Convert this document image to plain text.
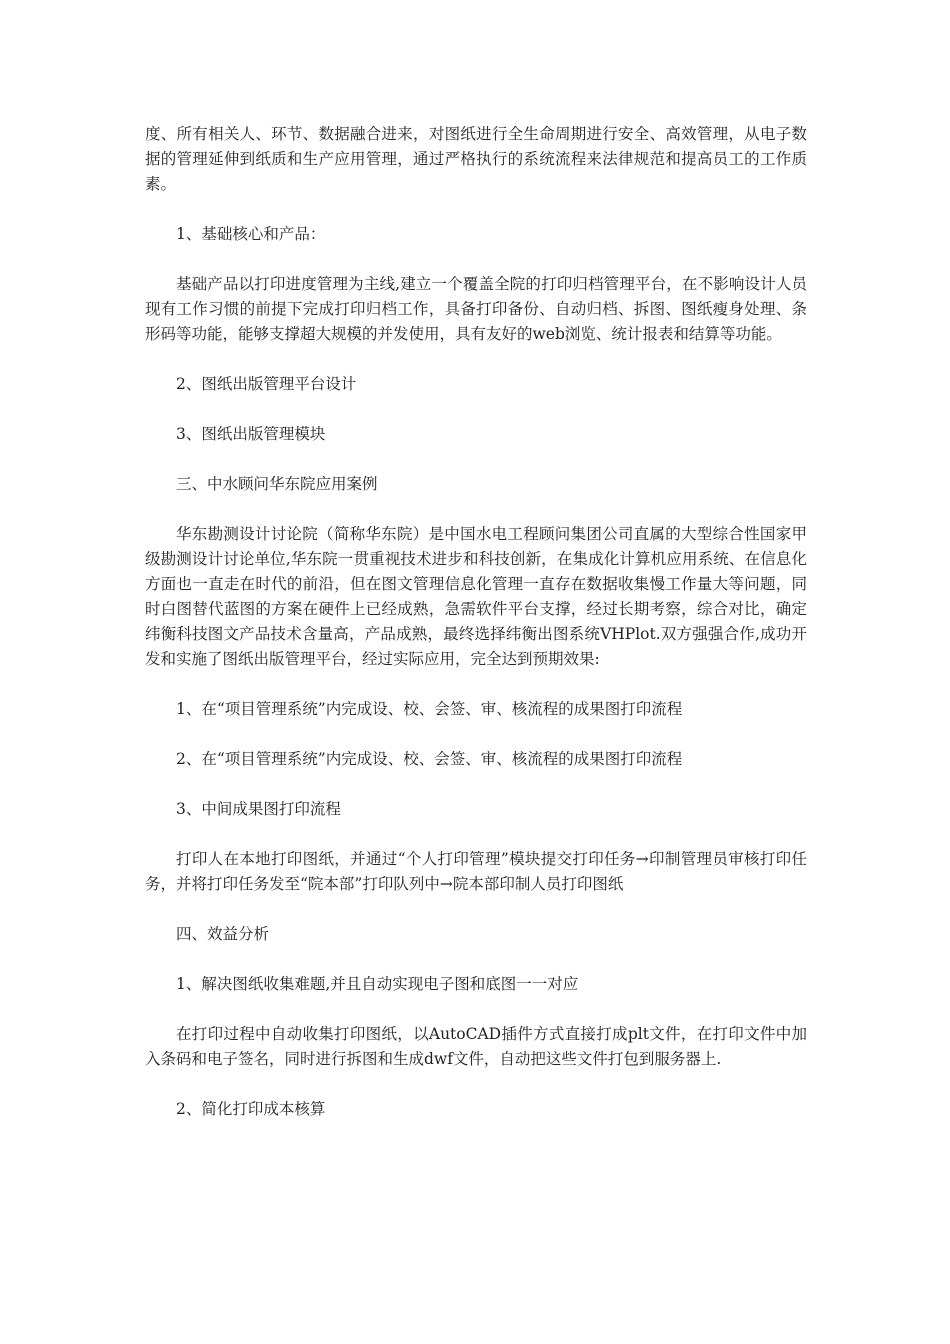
度、所有相关人、环节、数据融合进来，对图纸进行全生命周期进行安全、高效管理，从电子数据的管理延伸到纸质和生产应用管理，通过严格执行的系统流程来法律规范和提高员工的工作质素。

1、基础核心和产品：

基础产品以打印进度管理为主线,建立一个覆盖全院的打印归档管理平台，在不影响设计人员现有工作习惯的前提下完成打印归档工作，具备打印备份、自动归档、拆图、图纸瘦身处理、条形码等功能，能够支撑超大规模的并发使用，具有友好的web浏览、统计报表和结算等功能。

2、图纸出版管理平台设计

3、图纸出版管理模块

三、中水顾问华东院应用案例

华东勘测设计讨论院（简称华东院）是中国水电工程顾问集团公司直属的大型综合性国家甲级勘测设计讨论单位,华东院一贯重视技术进步和科技创新，在集成化计算机应用系统、在信息化方面也一直走在时代的前沿，但在图文管理信息化管理一直存在数据收集慢工作量大等问题，同时白图替代蓝图的方案在硬件上已经成熟，急需软件平台支撑，经过长期考察，综合对比，确定纬衡科技图文产品技术含量高，产品成熟，最终选择纬衡出图系统VHPlot.双方强强合作,成功开发和实施了图纸出版管理平台，经过实际应用，完全达到预期效果:

1、在“项目管理系统”内完成设、校、会签、审、核流程的成果图打印流程

2、在“项目管理系统”内完成设、校、会签、审、核流程的成果图打印流程

3、中间成果图打印流程

打印人在本地打印图纸，并通过“个人打印管理”模块提交打印任务→印制管理员审核打印任务，并将打印任务发至“院本部”打印队列中→院本部印制人员打印图纸

四、效益分析

1、解决图纸收集难题,并且自动实现电子图和底图一一对应

在打印过程中自动收集打印图纸，以AutoCAD插件方式直接打成plt文件，在打印文件中加入条码和电子签名，同时进行拆图和生成dwf文件，自动把这些文件打包到服务器上.

2、简化打印成本核算
